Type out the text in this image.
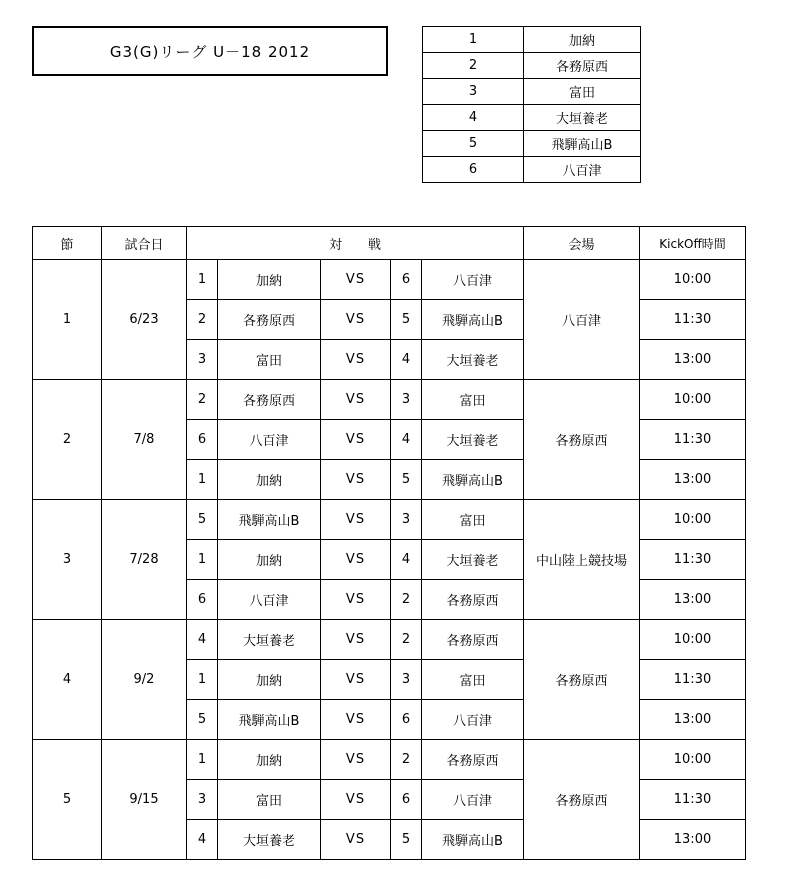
G3(G)リーグ U－18 2012
1	加納
2	各務原西
3	富田
4	大垣養老
5	飛騨高山B
6	八百津
節	試合日	対　　戦					会場	KickOff時間
1	6/23	1	加納	VS	6	八百津	八百津	10:00
		2	各務原西	VS	5	飛騨高山B		11:30
		3	富田	VS	4	大垣養老		13:00
2	7/8	2	各務原西	VS	3	富田	各務原西	10:00
		6	八百津	VS	4	大垣養老		11:30
		1	加納	VS	5	飛騨高山B		13:00
3	7/28	5	飛騨高山B	VS	3	富田	中山陸上競技場	10:00
		1	加納	VS	4	大垣養老		11:30
		6	八百津	VS	2	各務原西		13:00
4	9/2	4	大垣養老	VS	2	各務原西	各務原西	10:00
		1	加納	VS	3	富田		11:30
		5	飛騨高山B	VS	6	八百津		13:00
5	9/15	1	加納	VS	2	各務原西	各務原西	10:00
		3	富田	VS	6	八百津		11:30
		4	大垣養老	VS	5	飛騨高山B		13:00
